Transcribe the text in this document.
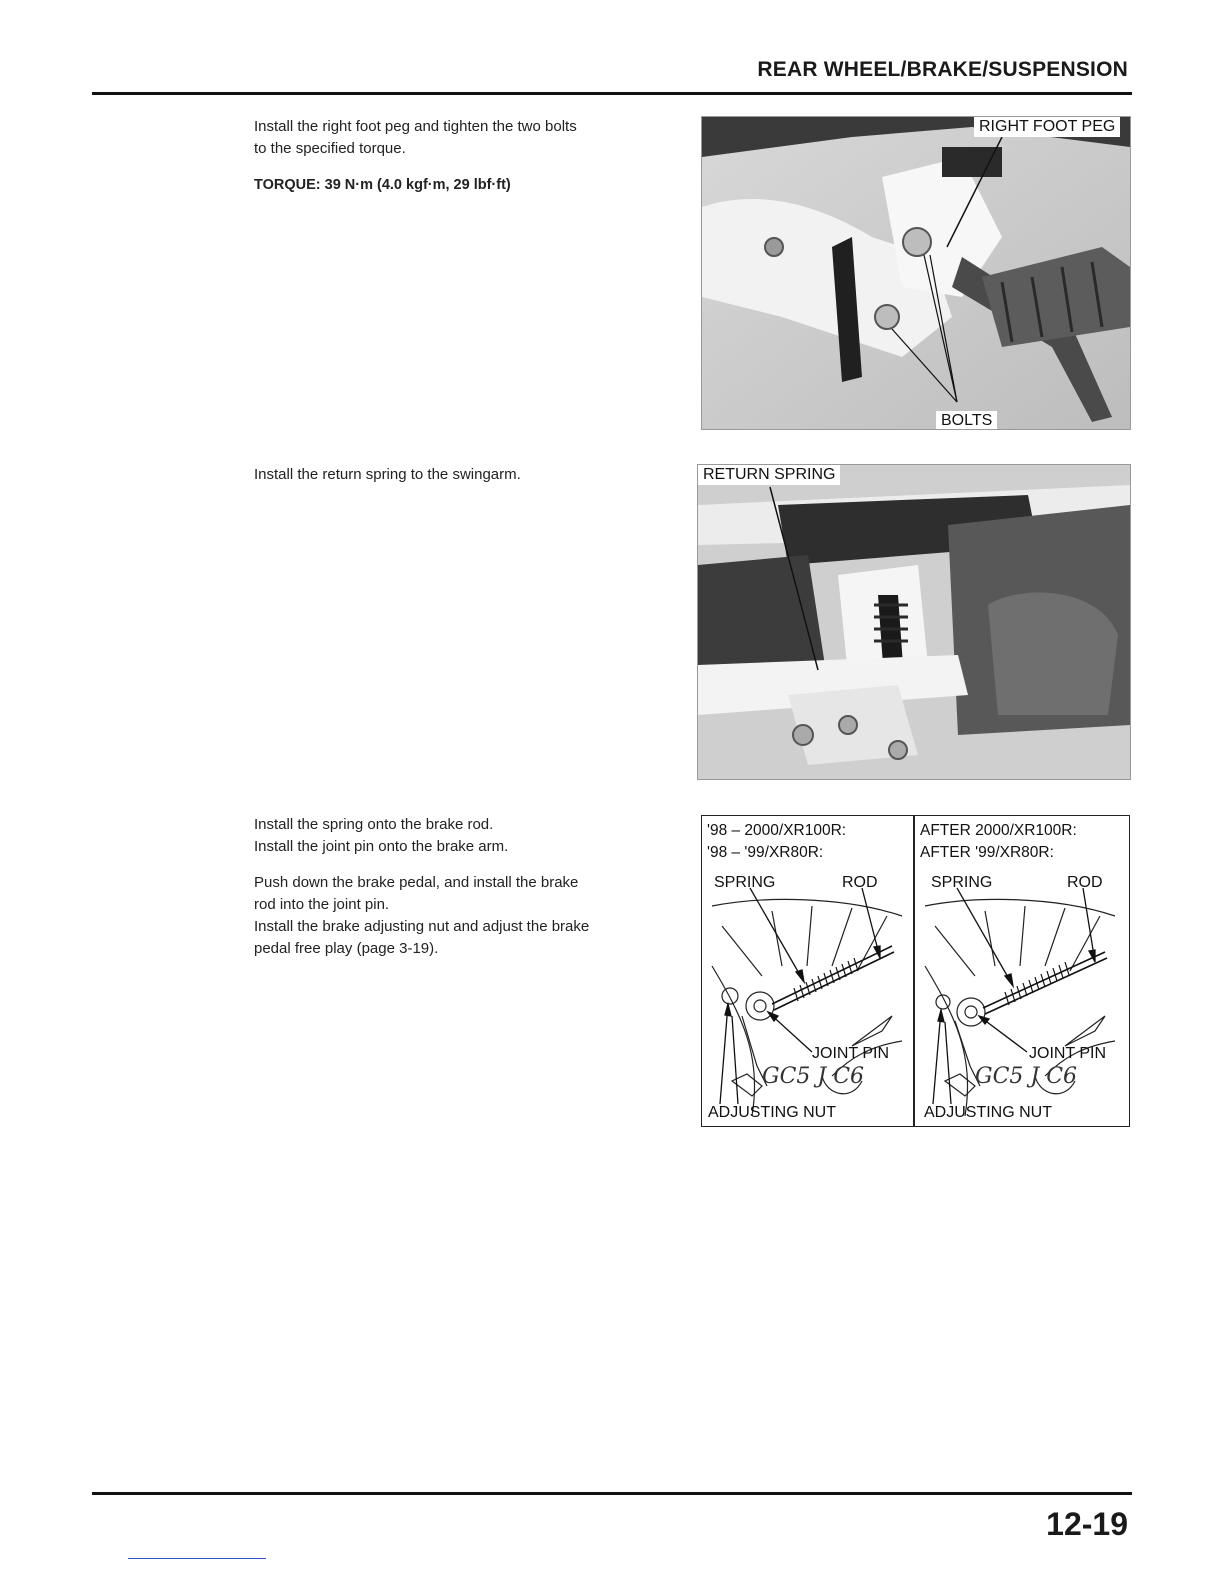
REAR WHEEL/BRAKE/SUSPENSION

Install the right foot peg and tighten the two bolts

to the specified torque.

TORQUE: 39 N·m (4.0 kgf·m, 29 lbf·ft)

RIGHT FOOT PEG
BOLTS

Install the return spring to the swingarm.	RETURN SPRING

Install the spring onto the brake rod.

Install the joint pin onto the brake arm.

Push down the brake pedal, and install the brake

rod into the joint pin.

Install the brake adjusting nut and adjust the brake

pedal free play (page 3-19).

'98 – 2000/XR100R:
'98 – '99/XR80R:
SPRING	ROD
JOINT PIN
GC5 J C6
ADJUSTING NUT
AFTER 2000/XR100R:
AFTER '99/XR80R:
SPRING	ROD
JOINT PIN
GC5 J C6
ADJUSTING NUT
12-19
